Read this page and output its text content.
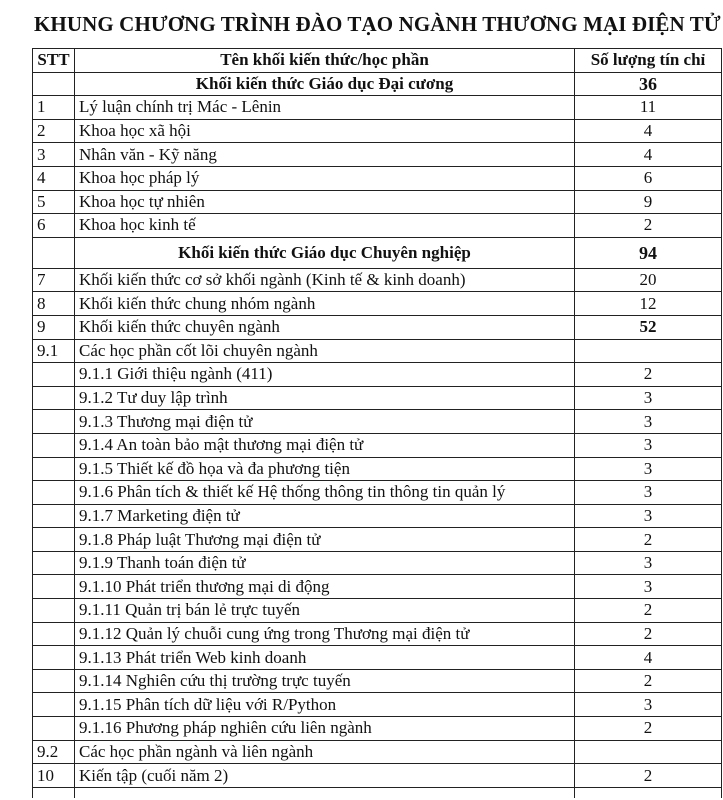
KHUNG CHƯƠNG TRÌNH ĐÀO TẠO NGÀNH THƯƠNG MẠI ĐIỆN TỬ
STT	Tên khối kiến thức/học phần	Số lượng tín chỉ
	Khối kiến thức Giáo dục Đại cương	36
1	Lý luận chính trị Mác - Lênin	11
2	Khoa học xã hội	4
3	Nhân văn - Kỹ năng	4
4	Khoa học pháp lý	6
5	Khoa học tự nhiên	9
6	Khoa học kinh tế	2
	Khối kiến thức Giáo dục Chuyên nghiệp	94
7	Khối kiến thức cơ sở khối ngành (Kinh tế & kinh doanh)	20
8	Khối kiến thức chung nhóm ngành	12
9	Khối kiến thức chuyên ngành	52
9.1	Các học phần cốt lõi chuyên ngành	
	9.1.1 Giới thiệu ngành (411)	2
	9.1.2 Tư duy lập trình	3
	9.1.3 Thương mại điện tử	3
	9.1.4 An toàn bảo mật thương mại điện tử	3
	9.1.5 Thiết kế đồ họa và đa phương tiện	3
	9.1.6 Phân tích & thiết kế Hệ thống thông tin thông tin quản lý	3
	9.1.7 Marketing điện tử	3
	9.1.8 Pháp luật Thương mại điện tử	2
	9.1.9 Thanh toán điện tử	3
	9.1.10 Phát triển thương mại di động	3
	9.1.11 Quản trị bán lẻ trực tuyến	2
	9.1.12 Quản lý chuỗi cung ứng trong Thương mại điện tử	2
	9.1.13 Phát triển Web kinh doanh	4
	9.1.14 Nghiên cứu thị trường trực tuyến	2
	9.1.15 Phân tích dữ liệu với R/Python	3
	9.1.16 Phương pháp nghiên cứu liên ngành	2
9.2	Các học phần ngành và liên ngành	
10	Kiến tập (cuối năm 2)	2
